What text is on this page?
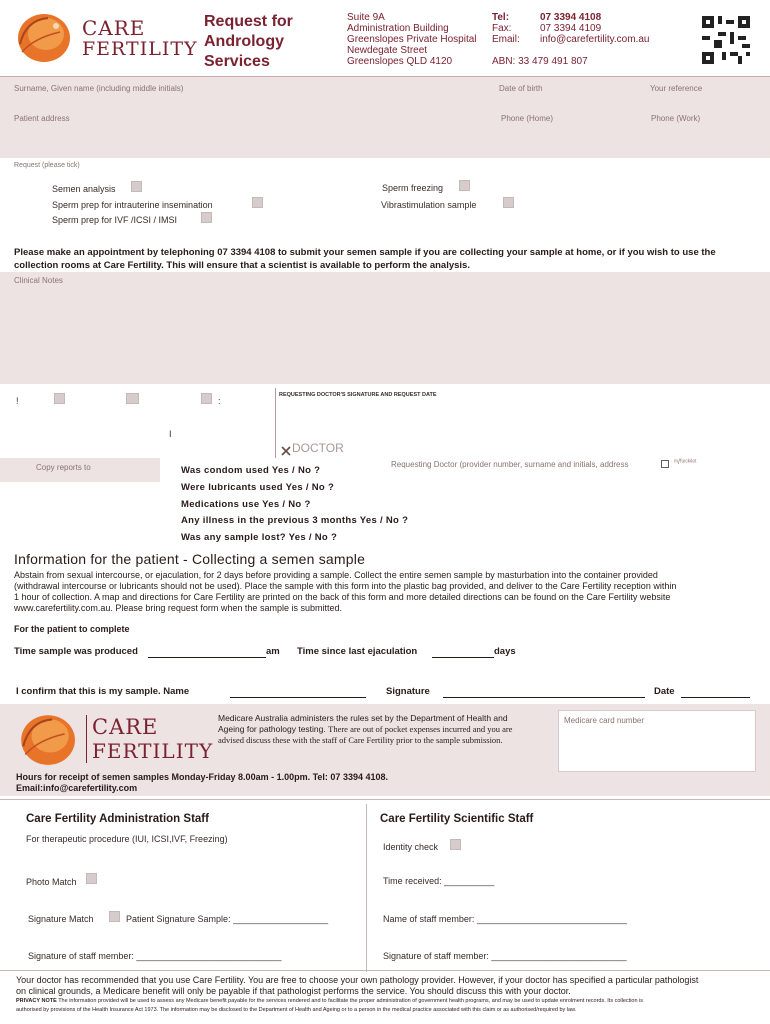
CARE
FERTILITY
Request for
Andrology
Services
Suite 9A
Administration Building
Greenslopes Private Hospital
Newdegate Street
Greenslopes QLD 4120
Tel:	07 3394 4108
Fax:	07 3394 4109
Email: info@carefertility.com.au
ABN: 33 479 491 807
Surname, Given name (including middle initials)	Date of birth	Your reference
Patient address	Phone (Home)	Phone (Work)
Request (please tick)
Semen analysis
Sperm prep for intrauterine insemination
Sperm prep for IVF /ICSI / IMSI
Sperm freezing
Vibrastimulation sample
Please make an appointment by telephoning 07 3394 4108 to submit your semen sample if you are collecting your sample at home, or if you wish to use the collection rooms at Care Fertility. This will ensure that a scientist is available to perform the analysis.
Clinical Notes
REQUESTING DOCTOR'S SIGNATURE AND REQUEST DATE
!	:
I
DOCTOR
Copy reports to	Requesting Doctor (provider number, surname and initials, address	ᵐ/ᶠᵘᶦᶜᵏᶦˡᵉᵗ
Was condom used Yes / No ?
Were lubricants used Yes / No ?
Medications use Yes / No ?
Any illness in the previous 3 months Yes / No ?
Was any sample lost? Yes / No ?
Information for the patient - Collecting a semen sample
Abstain from sexual intercourse, or ejaculation, for 2 days before providing a sample. Collect the entire semen sample by masturbation into the container provided
(withdrawal intercourse or lubricants should not be used). Place the sample with this form into the plastic bag provided, and deliver to the Care Fertility reception within
1 hour of collection. A map and directions for Care Fertility are printed on the back of this form and more detailed directions can be found on the Care Fertility website
www.carefertility.com.au. Please bring request form when the sample is submitted.
For the patient to complete
Time sample was produced	am Time since last ejaculation	days
I confirm that this is my sample. Name	Signature	Date
CARE
FERTILITY
Medicare Australia administers the rules set by the Department of Health and Ageing for pathology testing. There are out of pocket expenses incurred and you are advised discuss these with the staff of Care Fertility prior to the sample submission.
Medicare card number
Hours for receipt of semen samples Monday-Friday 8.00am - 1.00pm. Tel: 07 3394 4108.
Email:info@carefertility.com
Care Fertility Administration Staff
For therapeutic procedure (IUI, ICSI,IVF, Freezing)
Photo Match
Signature Match	Patient Signature Sample: ___________________
Signature of staff member: _____________________________
Care Fertility Scientific Staff
Identity check
Time received: __________
Name of staff member: ______________________________
Signature of staff member: ___________________________
Your doctor has recommended that you use Care Fertility. You are free to choose your own pathology provider. However, if your doctor has specified a particular pathologist
on clinical grounds, a Medicare benefit will only be payable if that pathologist performs the service. You should discuss this with your doctor.
PRIVACY NOTE The information provided will be used to assess any Medicare benefit payable for the services rendered and to facilitate the proper administration of government health programs, and may be used to update enrolment records. Its collection is
authorised by provisions of the Health Insurance Act 1973. The information may be disclosed to the Department of Health and Ageing or to a person in the medical practice associated with this claim or as authorised/required by law.
